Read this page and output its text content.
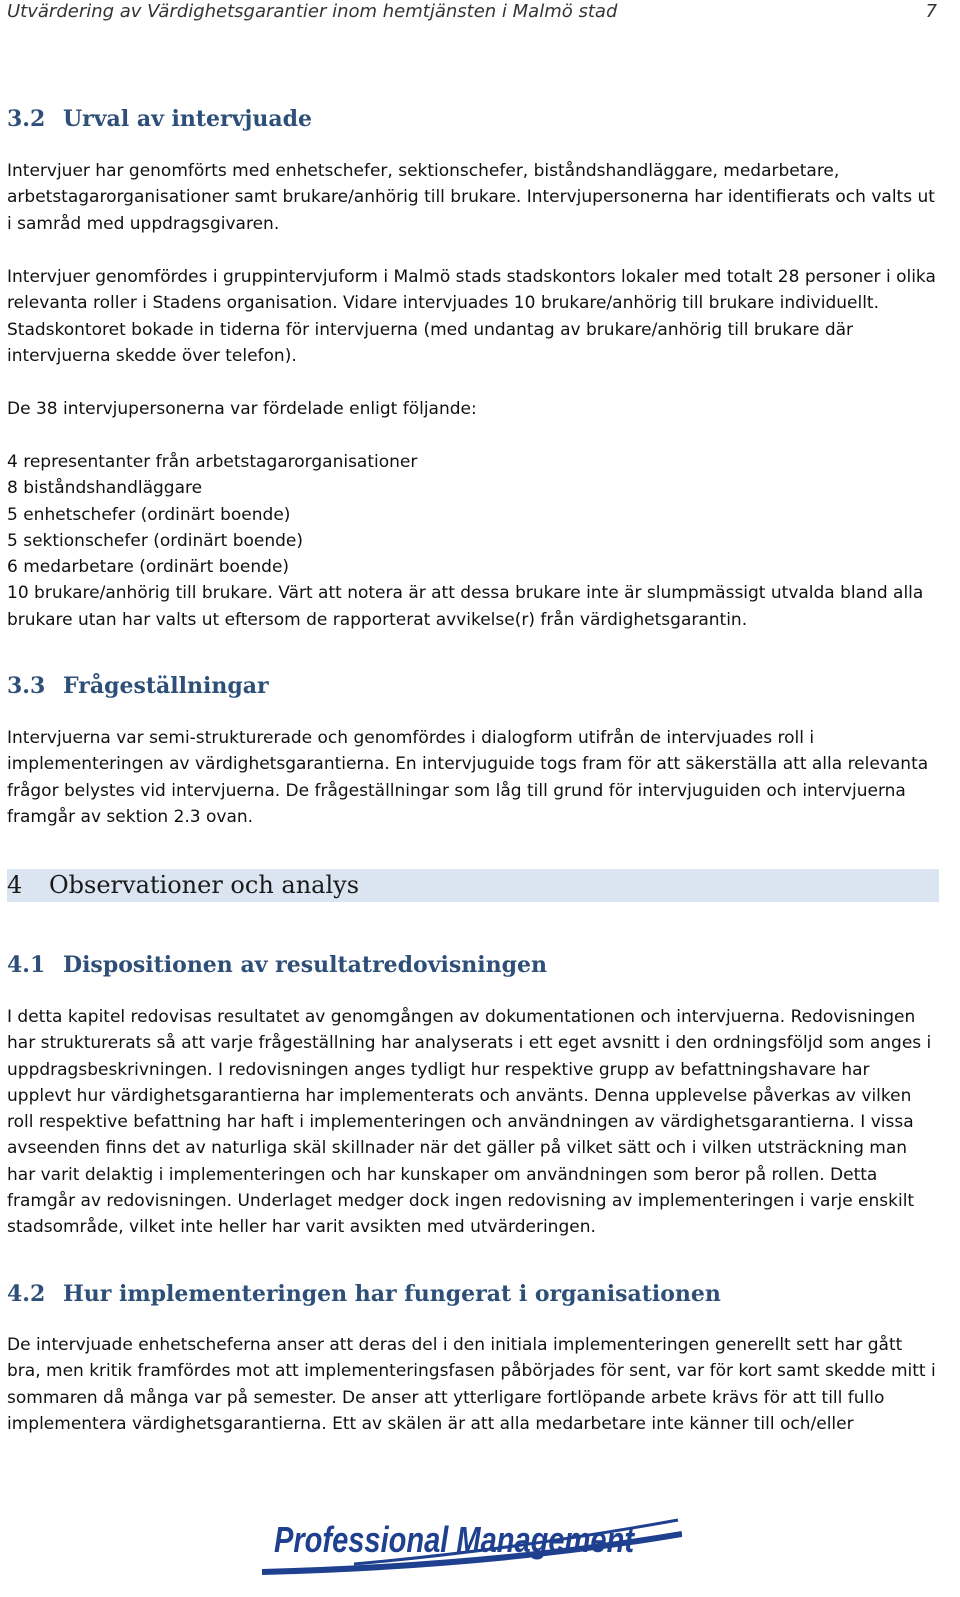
Utvärdering av Värdighetsgarantier inom hemtjänsten i Malmö stad	7
3.2 Urval av intervjuade

Intervjuer har genomförts med enhetschefer, sektionschefer, biståndshandläggare, medarbetare, arbetstagarorganisationer samt brukare/anhörig till brukare. Intervjupersonerna har identifierats och valts ut i samråd med uppdragsgivaren.

Intervjuer genomfördes i gruppintervjuform i Malmö stads stadskontors lokaler med totalt 28 personer i olika relevanta roller i Stadens organisation. Vidare intervjuades 10 brukare/anhörig till brukare individuellt. Stadskontoret bokade in tiderna för intervjuerna (med undantag av brukare/anhörig till brukare där intervjuerna skedde över telefon).

De 38 intervjupersonerna var fördelade enligt följande:

4 representanter från arbetstagarorganisationer
8 biståndshandläggare
5 enhetschefer (ordinärt boende)
5 sektionschefer (ordinärt boende)
6 medarbetare (ordinärt boende)
10 brukare/anhörig till brukare. Värt att notera är att dessa brukare inte är slumpmässigt utvalda bland alla brukare utan har valts ut eftersom de rapporterat avvikelse(r) från värdighetsgarantin.

3.3 Frågeställningar

Intervjuerna var semi-strukturerade och genomfördes i dialogform utifrån de intervjuades roll i implementeringen av värdighetsgarantierna. En intervjuguide togs fram för att säkerställa att alla relevanta frågor belystes vid intervjuerna. De frågeställningar som låg till grund för intervjuguiden och intervjuerna framgår av sektion 2.3 ovan.

4 Observationer och analys
4.1 Dispositionen av resultatredovisningen

I detta kapitel redovisas resultatet av genomgången av dokumentationen och intervjuerna. Redovisningen har strukturerats så att varje frågeställning har analyserats i ett eget avsnitt i den ordningsföljd som anges i uppdragsbeskrivningen. I redovisningen anges tydligt hur respektive grupp av befattningshavare har upplevt hur värdighetsgarantierna har implementerats och använts. Denna upplevelse påverkas av vilken roll respektive befattning har haft i implementeringen och användningen av värdighetsgarantierna. I vissa avseenden finns det av naturliga skäl skillnader när det gäller på vilket sätt och i vilken utsträckning man har varit delaktig i implementeringen och har kunskaper om användningen som beror på rollen. Detta framgår av redovisningen. Underlaget medger dock ingen redovisning av implementeringen i varje enskilt stadsområde, vilket inte heller har varit avsikten med utvärderingen.

4.2 Hur implementeringen har fungerat i organisationen

De intervjuade enhetscheferna anser att deras del i den initiala implementeringen generellt sett har gått bra, men kritik framfördes mot att implementeringsfasen påbörjades för sent, var för kort samt skedde mitt i sommaren då många var på semester. De anser att ytterligare fortlöpande arbete krävs för att till fullo implementera värdighetsgarantierna. Ett av skälen är att alla medarbetare inte känner till och/eller

Professional Management
